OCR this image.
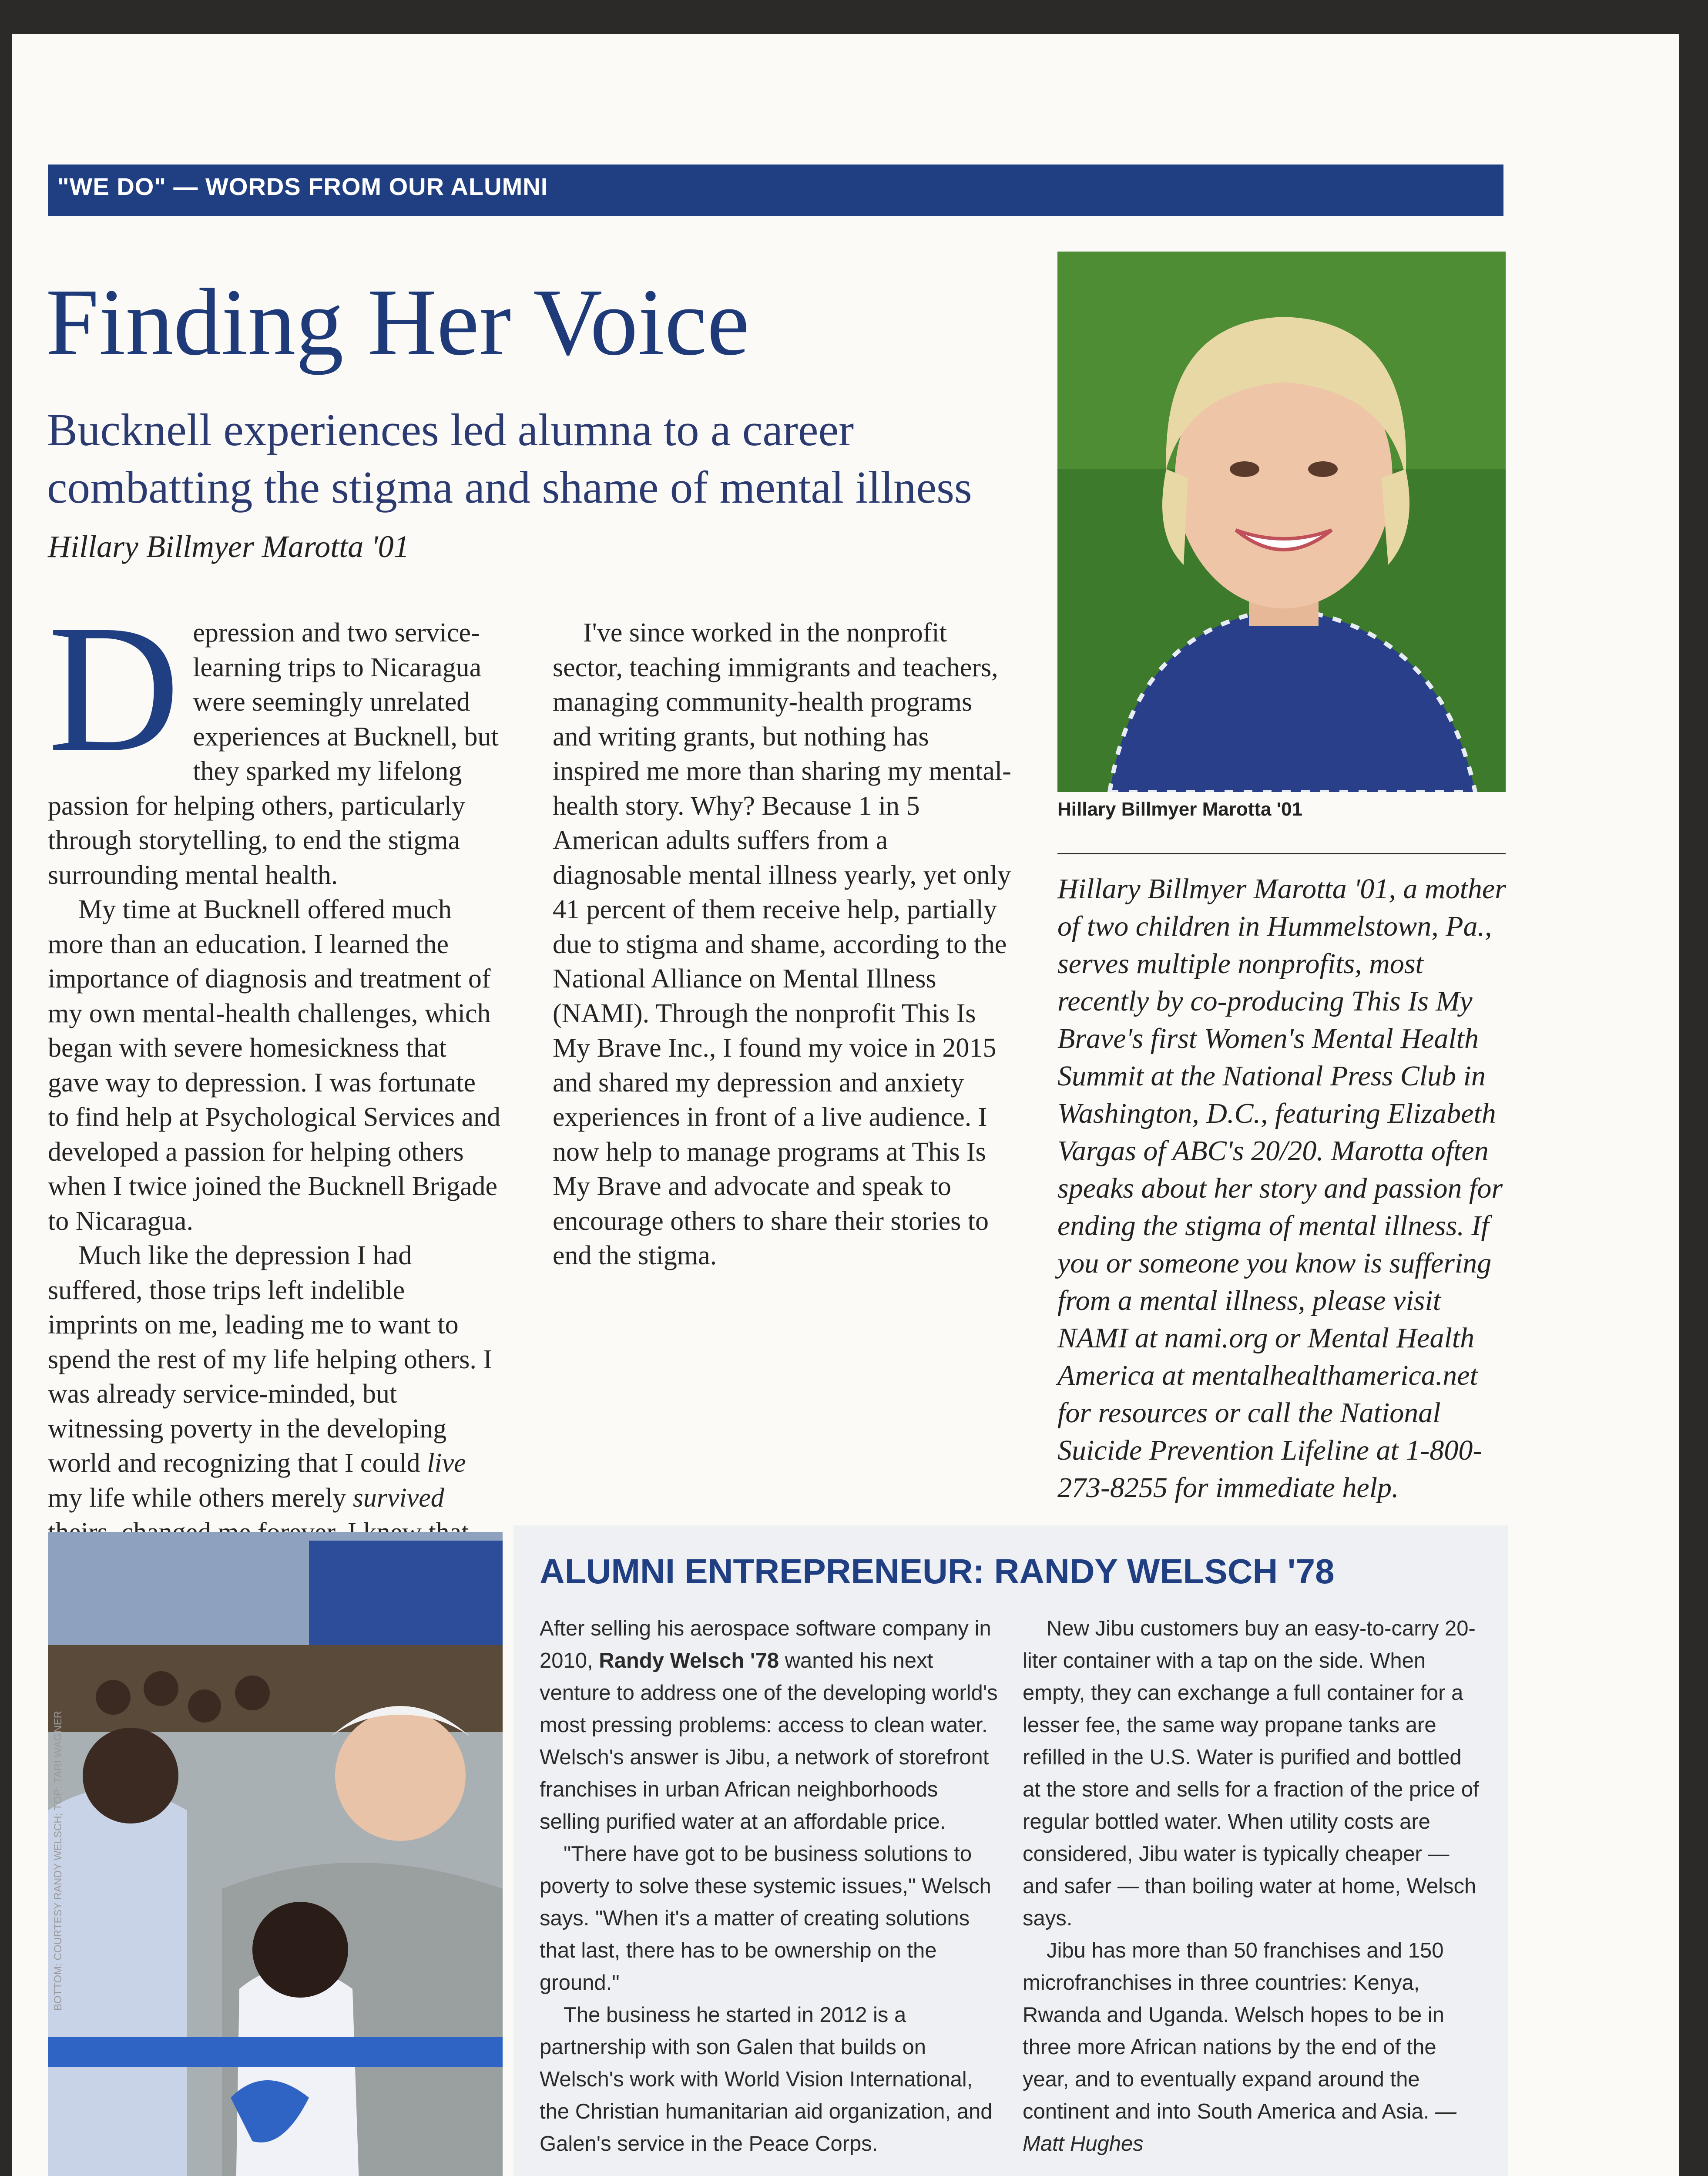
"WE DO" — WORDS FROM OUR ALUMNI
Finding Her Voice
Bucknell experiences led alumna to a career combatting the stigma and shame of mental illness
Hillary Billmyer Marotta '01

Depression and two service-learning trips to Nicaragua were seemingly unrelated experiences at Bucknell, but they sparked my lifelong passion for helping others, particularly through storytelling, to end the stigma surrounding mental health.

My time at Bucknell offered much more than an education. I learned the importance of diagnosis and treatment of my own mental-health challenges, which began with severe homesickness that gave way to depression. I was fortunate to find help at Psychological Services and developed a passion for helping others when I twice joined the Bucknell Brigade to Nicaragua.

Much like the depression I had suffered, those trips left indelible imprints on me, leading me to want to spend the rest of my life helping others. I was already service-minded, but witnessing poverty in the developing world and recognizing that I could live my life while others merely survived

I've since worked in the nonprofit sector, teaching immigrants and teachers, managing community-health programs and writing grants, but nothing has inspired me more than sharing my mental-health story. Why? Because 1 in 5 American adults suffers from a diagnosable mental illness yearly, yet only 41 percent of them receive help, partially due to stigma and shame, according to the National Alliance on Mental Illness (NAMI). Through the nonprofit This Is My Brave Inc., I found my voice in 2015 and shared my depression and anxiety experiences in front of a live audience. I now help to manage programs at This Is My Brave and advocate and speak to encourage others to share their stories to end the stigma.

Hillary Billmyer Marotta '01
Hillary Billmyer Marotta '01, a mother of two children in Hummelstown, Pa., serves multiple nonprofits, most recently by co-producing This Is My Brave's first Women's Mental Health Summit at the National Press Club in Washington, D.C., featuring Elizabeth Vargas of ABC's 20/20. Marotta often speaks about her story and passion for ending the stigma of mental illness. If you or someone you know is suffering from a mental illness, please visit NAMI at nami.org or Mental Health America at mentalhealthamerica.net for resources or call the National Suicide Prevention Lifeline at 1-800-273-8255 for immediate help.
BOTTOM: COURTESY RANDY WELSCH; TOP: TARI WAGNER
ALUMNI ENTREPRENEUR: RANDY WELSCH '78

After selling his aerospace software company in 2010, Randy Welsch '78 wanted his next venture to address one of the developing world's most pressing problems: access to clean water. Welsch's answer is Jibu, a network of storefront franchises in urban African neighborhoods selling purified water at an affordable price.

"There have got to be business solutions to poverty to solve these systemic issues," Welsch says. "When it's a matter of creating solutions that last, there has to be ownership on the ground."

The business he started in 2012 is a partnership with son Galen that builds on Welsch's work with World Vision International, the Christian humanitarian aid organization, and Galen's service in the Peace Corps.

New Jibu customers buy an easy-to-carry 20-liter container with a tap on the side. When empty, they can exchange a full container for a lesser fee, the same way propane tanks are refilled in the U.S. Water is purified and bottled at the store and sells for a fraction of the price of regular bottled water. When utility costs are considered, Jibu water is typically cheaper — and safer — than boiling water at home, Welsch says.

Jibu has more than 50 franchises and 150 microfranchises in three countries: Kenya, Rwanda and Uganda. Welsch hopes to be in three more African nations by the end of the year, and to eventually expand around the continent and into South America and Asia. — Matt Hughes
